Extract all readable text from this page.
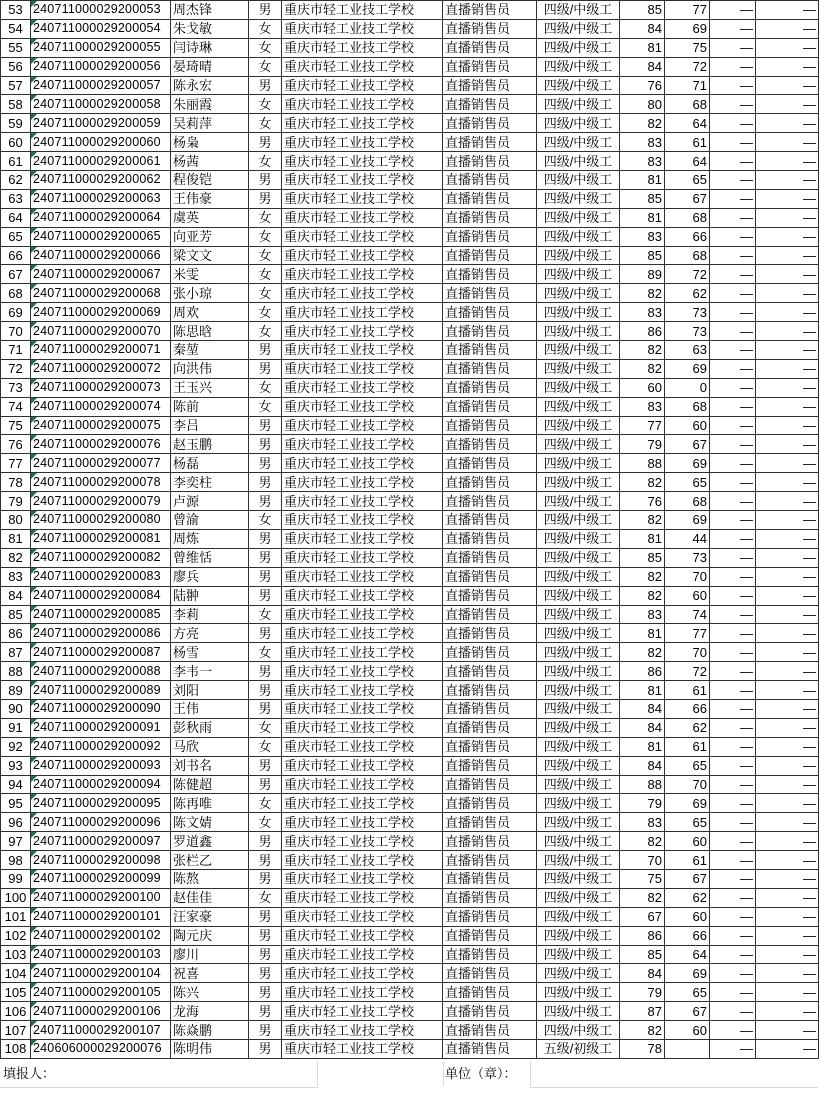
53	240711000029200053	周杰锋	男	重庆市轻工业技工学校	直播销售员	四级/中级工	85	77	—	—
54	240711000029200054	朱戈敏	女	重庆市轻工业技工学校	直播销售员	四级/中级工	84	69	—	—
55	240711000029200055	闫诗琳	女	重庆市轻工业技工学校	直播销售员	四级/中级工	81	75	—	—
56	240711000029200056	晏琦晴	女	重庆市轻工业技工学校	直播销售员	四级/中级工	84	72	—	—
57	240711000029200057	陈永宏	男	重庆市轻工业技工学校	直播销售员	四级/中级工	76	71	—	—
58	240711000029200058	朱丽霞	女	重庆市轻工业技工学校	直播销售员	四级/中级工	80	68	—	—
59	240711000029200059	吴莉萍	女	重庆市轻工业技工学校	直播销售员	四级/中级工	82	64	—	—
60	240711000029200060	杨枭	男	重庆市轻工业技工学校	直播销售员	四级/中级工	83	61	—	—
61	240711000029200061	杨茜	女	重庆市轻工业技工学校	直播销售员	四级/中级工	83	64	—	—
62	240711000029200062	程俊铠	男	重庆市轻工业技工学校	直播销售员	四级/中级工	81	65	—	—
63	240711000029200063	王伟豪	男	重庆市轻工业技工学校	直播销售员	四级/中级工	85	67	—	—
64	240711000029200064	虞英	女	重庆市轻工业技工学校	直播销售员	四级/中级工	81	68	—	—
65	240711000029200065	向亚芳	女	重庆市轻工业技工学校	直播销售员	四级/中级工	83	66	—	—
66	240711000029200066	梁文文	女	重庆市轻工业技工学校	直播销售员	四级/中级工	85	68	—	—
67	240711000029200067	米雯	女	重庆市轻工业技工学校	直播销售员	四级/中级工	89	72	—	—
68	240711000029200068	张小琼	女	重庆市轻工业技工学校	直播销售员	四级/中级工	82	62	—	—
69	240711000029200069	周欢	女	重庆市轻工业技工学校	直播销售员	四级/中级工	83	73	—	—
70	240711000029200070	陈思晗	女	重庆市轻工业技工学校	直播销售员	四级/中级工	86	73	—	—
71	240711000029200071	秦堃	男	重庆市轻工业技工学校	直播销售员	四级/中级工	82	63	—	—
72	240711000029200072	向洪伟	男	重庆市轻工业技工学校	直播销售员	四级/中级工	82	69	—	—
73	240711000029200073	王玉兴	女	重庆市轻工业技工学校	直播销售员	四级/中级工	60	0	—	—
74	240711000029200074	陈前	女	重庆市轻工业技工学校	直播销售员	四级/中级工	83	68	—	—
75	240711000029200075	李吕	男	重庆市轻工业技工学校	直播销售员	四级/中级工	77	60	—	—
76	240711000029200076	赵玉鹏	男	重庆市轻工业技工学校	直播销售员	四级/中级工	79	67	—	—
77	240711000029200077	杨磊	男	重庆市轻工业技工学校	直播销售员	四级/中级工	88	69	—	—
78	240711000029200078	李奕柱	男	重庆市轻工业技工学校	直播销售员	四级/中级工	82	65	—	—
79	240711000029200079	卢源	男	重庆市轻工业技工学校	直播销售员	四级/中级工	76	68	—	—
80	240711000029200080	曾渝	女	重庆市轻工业技工学校	直播销售员	四级/中级工	82	69	—	—
81	240711000029200081	周炼	男	重庆市轻工业技工学校	直播销售员	四级/中级工	81	44	—	—
82	240711000029200082	曾维恬	男	重庆市轻工业技工学校	直播销售员	四级/中级工	85	73	—	—
83	240711000029200083	廖兵	男	重庆市轻工业技工学校	直播销售员	四级/中级工	82	70	—	—
84	240711000029200084	陆翀	男	重庆市轻工业技工学校	直播销售员	四级/中级工	82	60	—	—
85	240711000029200085	李莉	女	重庆市轻工业技工学校	直播销售员	四级/中级工	83	74	—	—
86	240711000029200086	方亮	男	重庆市轻工业技工学校	直播销售员	四级/中级工	81	77	—	—
87	240711000029200087	杨雪	女	重庆市轻工业技工学校	直播销售员	四级/中级工	82	70	—	—
88	240711000029200088	李韦一	男	重庆市轻工业技工学校	直播销售员	四级/中级工	86	72	—	—
89	240711000029200089	刘阳	男	重庆市轻工业技工学校	直播销售员	四级/中级工	81	61	—	—
90	240711000029200090	王伟	男	重庆市轻工业技工学校	直播销售员	四级/中级工	84	66	—	—
91	240711000029200091	彭秋雨	女	重庆市轻工业技工学校	直播销售员	四级/中级工	84	62	—	—
92	240711000029200092	马欣	女	重庆市轻工业技工学校	直播销售员	四级/中级工	81	61	—	—
93	240711000029200093	刘书名	男	重庆市轻工业技工学校	直播销售员	四级/中级工	84	65	—	—
94	240711000029200094	陈健超	男	重庆市轻工业技工学校	直播销售员	四级/中级工	88	70	—	—
95	240711000029200095	陈再唯	女	重庆市轻工业技工学校	直播销售员	四级/中级工	79	69	—	—
96	240711000029200096	陈文婧	女	重庆市轻工业技工学校	直播销售员	四级/中级工	83	65	—	—
97	240711000029200097	罗道鑫	男	重庆市轻工业技工学校	直播销售员	四级/中级工	82	60	—	—
98	240711000029200098	张栏乙	男	重庆市轻工业技工学校	直播销售员	四级/中级工	70	61	—	—
99	240711000029200099	陈熬	男	重庆市轻工业技工学校	直播销售员	四级/中级工	75	67	—	—
100	240711000029200100	赵佳佳	女	重庆市轻工业技工学校	直播销售员	四级/中级工	82	62	—	—
101	240711000029200101	汪家豪	男	重庆市轻工业技工学校	直播销售员	四级/中级工	67	60	—	—
102	240711000029200102	陶元庆	男	重庆市轻工业技工学校	直播销售员	四级/中级工	86	66	—	—
103	240711000029200103	廖川	男	重庆市轻工业技工学校	直播销售员	四级/中级工	85	64	—	—
104	240711000029200104	祝喜	男	重庆市轻工业技工学校	直播销售员	四级/中级工	84	69	—	—
105	240711000029200105	陈兴	男	重庆市轻工业技工学校	直播销售员	四级/中级工	79	65	—	—
106	240711000029200106	龙海	男	重庆市轻工业技工学校	直播销售员	四级/中级工	87	67	—	—
107	240711000029200107	陈焱鹏	男	重庆市轻工业技工学校	直播销售员	四级/中级工	82	60	—	—
108	240606000029200076	陈明伟	男	重庆市轻工业技工学校	直播销售员	五级/初级工	78		—	—
填报人：	单位（章）：
